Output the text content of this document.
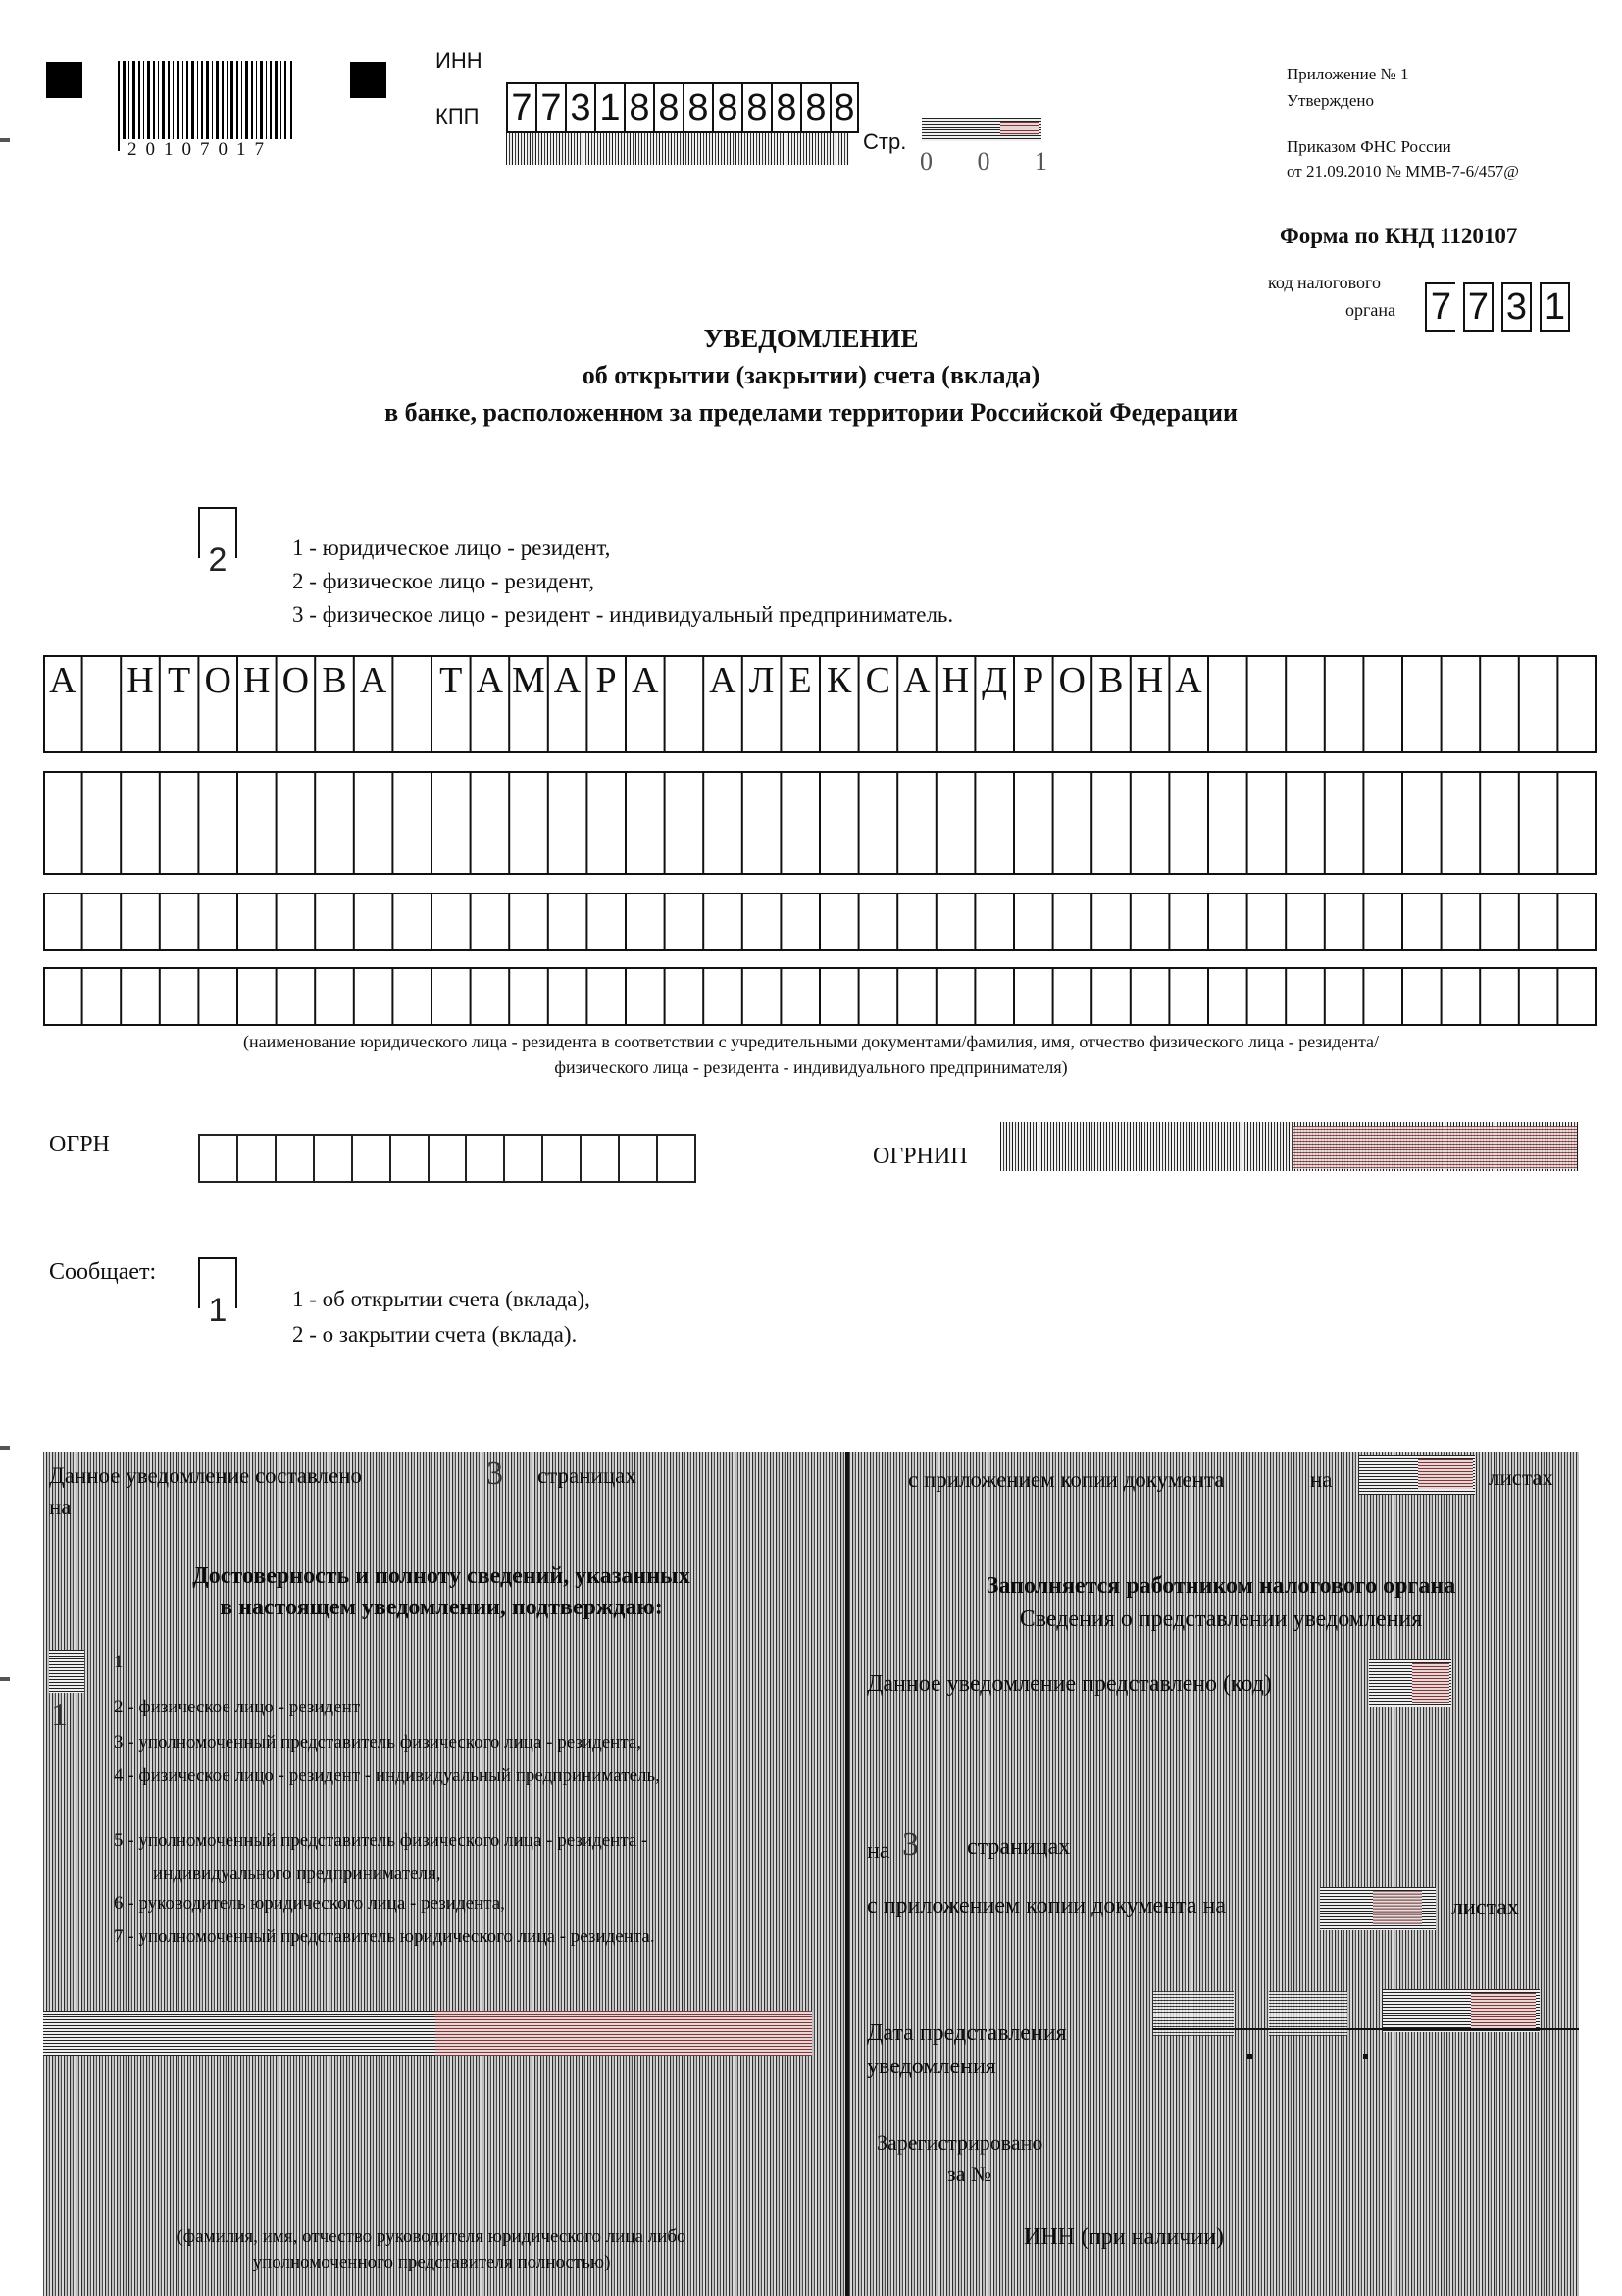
20107017
ИНН
КПП 7 7 3 1 8 8 8 8 8 8 8 8
Стр.
0 0 1
Приложение № 1
Утверждено
Приказом ФНС России
от 21.09.2010 № ММВ-7-6/457@
Форма по КНД 1120107
код налогового
органа 7 7 3 1
УВЕДОМЛЕНИЕ
об открытии (закрытии) счета (вклада)
в банке, расположенном за пределами территории Российской Федерации
2	1 - юридическое лицо - резидент,
2 - физическое лицо - резидент,
3 - физическое лицо - резидент - индивидуальный предприниматель.
А Н Т О Н О В А Т А М А Р А А Л Е К С А Н Д Р О В Н А
(наименование юридического лица - резидента в соответствии с учредительными документами/фамилия, имя, отчество физического лица - резидента/
физического лица - резидента - индивидуального предпринимателя)
ОГРН	ОГРНИП
Сообщает:
1	1 - об открытии счета (вклада),
2 - о закрытии счета (вклада).
Данное уведомление составлено
на
3 страницах
Достоверность и полноту сведений, указанных
в настоящем уведомлении, подтверждаю:
1
1
2 - физическое лицо - резидент
3 - уполномоченный представитель физического лица - резидента,
4 - физическое лицо - резидент - индивидуальный предприниматель,
5 - уполномоченный представитель физического лица - резидента -
индивидуального предпринимателя,
6 - руководитель юридического лица - резидента,
7 - уполномоченный представитель юридического лица - резидента.
(фамилия, имя, отчество руководителя юридического лица либо
уполномоченного представителя полностью)
с приложением копии документа	на	листах
Заполняется работником налогового органа
Сведения о представлении уведомления
Данное уведомление представлено (код)
на 3 страницах
с приложением копии документа на	листах
Дата представления
уведомления
Зарегистрировано
за №
ИНН (при наличии)
